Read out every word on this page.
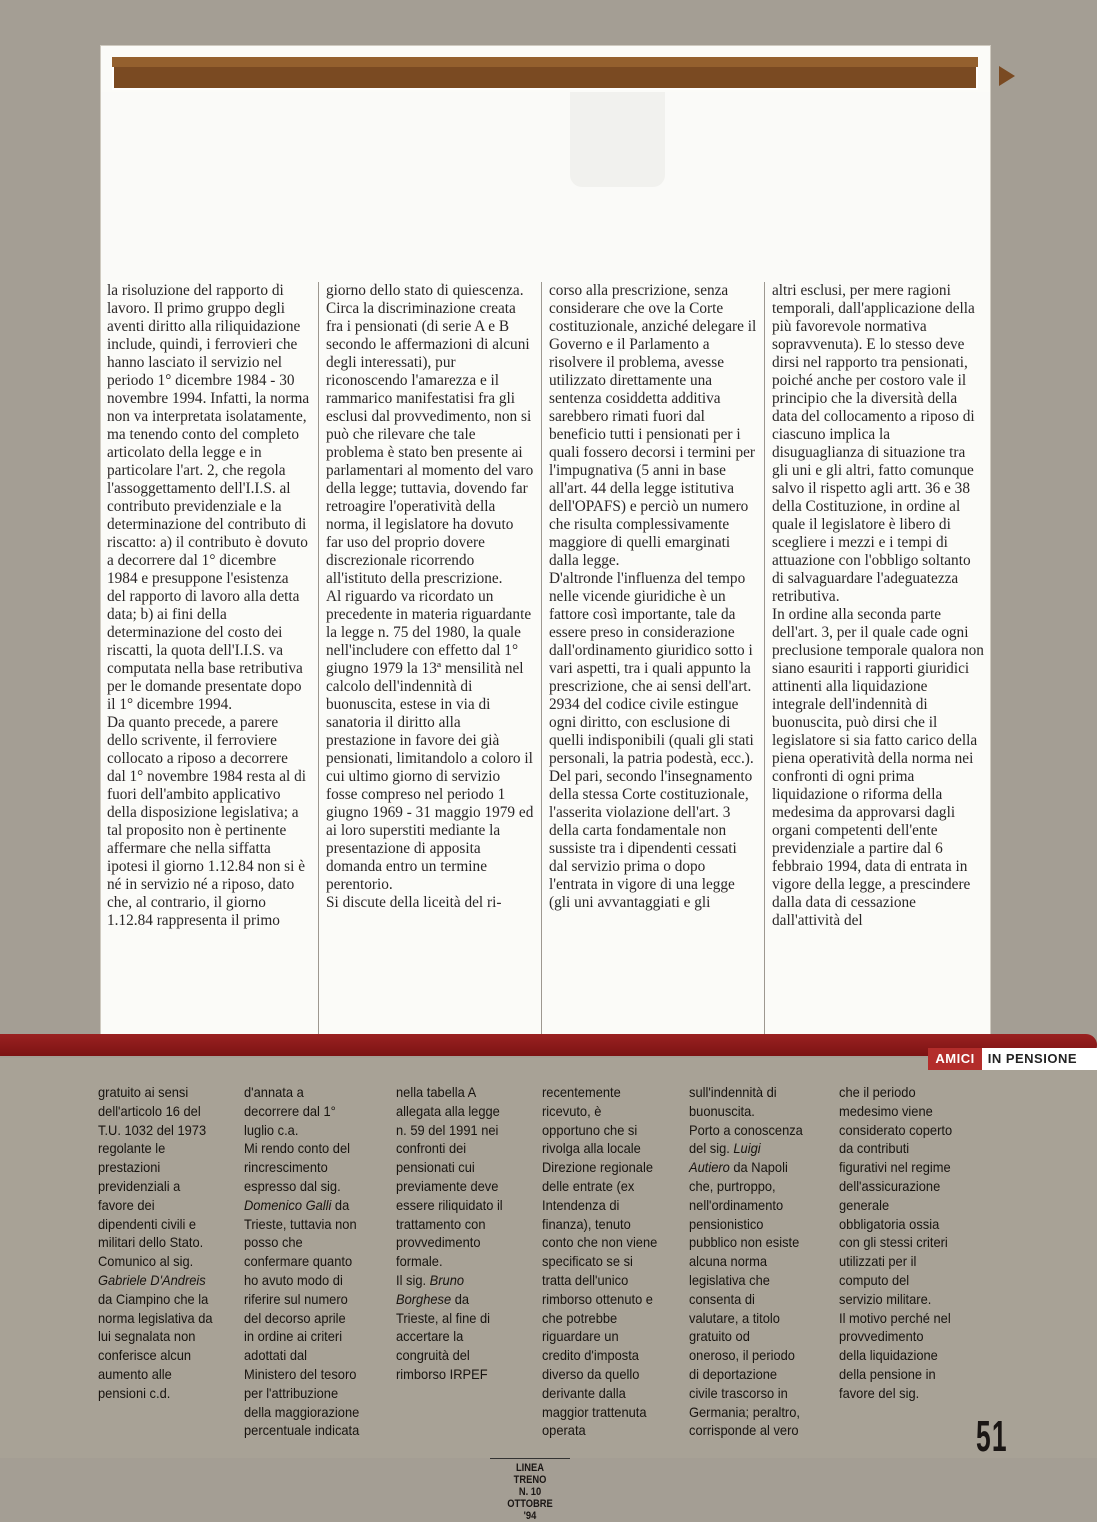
la risoluzione del rapporto di lavoro. Il primo gruppo degli aventi diritto alla riliquidazione include, quindi, i ferrovieri che hanno lasciato il servizio nel periodo 1° dicembre 1984 - 30 novembre 1994. Infatti, la norma non va interpretata isolatamente, ma tenendo conto del completo articolato della legge e in particolare l'art. 2, che regola l'assoggettamento dell'I.I.S. al contributo previdenziale e la determinazione del contributo di riscatto: a) il contributo è dovuto a decorrere dal 1° dicembre 1984 e presuppone l'esistenza del rapporto di lavoro alla detta data; b) ai fini della determinazione del costo dei riscatti, la quota dell'I.I.S. va computata nella base retributiva per le domande presentate dopo il 1° dicembre 1994.
Da quanto precede, a parere dello scrivente, il ferroviere collocato a riposo a decorrere dal 1° novembre 1984 resta al di fuori dell'ambito applicativo della disposizione legislativa; a tal proposito non è pertinente affermare che nella siffatta ipotesi il giorno 1.12.84 non si è né in servizio né a riposo, dato che, al contrario, il giorno 1.12.84 rappresenta il primo

giorno dello stato di quiescenza.
Circa la discriminazione creata fra i pensionati (di serie A e B secondo le affermazioni di alcuni degli interessati), pur riconoscendo l'amarezza e il rammarico manifestatisi fra gli esclusi dal provvedimento, non si può che rilevare che tale problema è stato ben presente ai parlamentari al momento del varo della legge; tuttavia, dovendo far retroagire l'operatività della norma, il legislatore ha dovuto far uso del proprio dovere discrezionale ricorrendo all'istituto della prescrizione.
Al riguardo va ricordato un precedente in materia riguardante la legge n. 75 del 1980, la quale nell'includere con effetto dal 1° giugno 1979 la 13ª mensilità nel calcolo dell'indennità di buonuscita, estese in via di sanatoria il diritto alla prestazione in favore dei già pensionati, limitandolo a coloro il cui ultimo giorno di servizio fosse compreso nel periodo 1 giugno 1969 - 31 maggio 1979 ed ai loro superstiti mediante la presentazione di apposita domanda entro un termine perentorio.
Si discute della liceità del ri-

corso alla prescrizione, senza considerare che ove la Corte costituzionale, anziché delegare il Governo e il Parlamento a risolvere il problema, avesse utilizzato direttamente una sentenza cosiddetta additiva sarebbero rimati fuori dal beneficio tutti i pensionati per i quali fossero decorsi i termini per l'impugnativa (5 anni in base all'art. 44 della legge istitutiva dell'OPAFS) e perciò un numero che risulta complessivamente maggiore di quelli emarginati dalla legge.
D'altronde l'influenza del tempo nelle vicende giuridiche è un fattore così importante, tale da essere preso in considerazione dall'ordinamento giuridico sotto i vari aspetti, tra i quali appunto la prescrizione, che ai sensi dell'art. 2934 del codice civile estingue ogni diritto, con esclusione di quelli indisponibili (quali gli stati personali, la patria podestà, ecc.).
Del pari, secondo l'insegnamento della stessa Corte costituzionale, l'asserita violazione dell'art. 3 della carta fondamentale non sussiste tra i dipendenti cessati dal servizio prima o dopo l'entrata in vigore di una legge (gli uni avvantaggiati e gli

altri esclusi, per mere ragioni temporali, dall'applicazione della più favorevole normativa sopravvenuta). E lo stesso deve dirsi nel rapporto tra pensionati, poiché anche per costoro vale il principio che la diversità della data del collocamento a riposo di ciascuno implica la disuguaglianza di situazione tra gli uni e gli altri, fatto comunque salvo il rispetto agli artt. 36 e 38 della Costituzione, in ordine al quale il legislatore è libero di scegliere i mezzi e i tempi di attuazione con l'obbligo soltanto di salvaguardare l'adeguatezza retributiva.
In ordine alla seconda parte dell'art. 3, per il quale cade ogni preclusione temporale qualora non siano esauriti i rapporti giuridici attinenti alla liquidazione integrale dell'indennità di buonuscita, può dirsi che il legislatore si sia fatto carico della piena operatività della norma nei confronti di ogni prima liquidazione o riforma della medesima da approvarsi dagli organi competenti dell'ente previdenziale a partire dal 6 febbraio 1994, data di entrata in vigore della legge, a prescindere dalla data di cessazione dall'attività del

AMICI	IN PENSIONE
gratuito ai sensi
dell'articolo 16 del
T.U. 1032 del 1973
regolante le
prestazioni
previdenziali a
favore dei
dipendenti civili e
militari dello Stato.
Comunico al sig.
Gabriele D'Andreis
da Ciampino che la
norma legislativa da
lui segnalata non
conferisce alcun
aumento alle
pensioni c.d.
d'annata a
decorrere dal 1°
luglio c.a.
Mi rendo conto del
rincrescimento
espresso dal sig.
Domenico Galli da
Trieste, tuttavia non
posso che
confermare quanto
ho avuto modo di
riferire sul numero
del decorso aprile
in ordine ai criteri
adottati dal
Ministero del tesoro
per l'attribuzione
della maggiorazione
percentuale indicata
nella tabella A
allegata alla legge
n. 59 del 1991 nei
confronti dei
pensionati cui
previamente deve
essere riliquidato il
trattamento con
provvedimento
formale.
Il sig. Bruno
Borghese da
Trieste, al fine di
accertare la
congruità del
rimborso IRPEF
recentemente
ricevuto, è
opportuno che si
rivolga alla locale
Direzione regionale
delle entrate (ex
Intendenza di
finanza), tenuto
conto che non viene
specificato se si
tratta dell'unico
rimborso ottenuto e
che potrebbe
riguardare un
credito d'imposta
diverso da quello
derivante dalla
maggior trattenuta
operata
sull'indennità di
buonuscita.
Porto a conoscenza
del sig. Luigi
Autiero da Napoli
che, purtroppo,
nell'ordinamento
pensionistico
pubblico non esiste
alcuna norma
legislativa che
consenta di
valutare, a titolo
gratuito od
oneroso, il periodo
di deportazione
civile trascorso in
Germania; peraltro,
corrisponde al vero
che il periodo
medesimo viene
considerato coperto
da contributi
figurativi nel regime
dell'assicurazione
generale
obbligatoria ossia
con gli stessi criteri
utilizzati per il
computo del
servizio militare.
Il motivo perché nel
provvedimento
della liquidazione
della pensione in
favore del sig.
51
LINEA TRENO
N. 10
OTTOBRE '94
